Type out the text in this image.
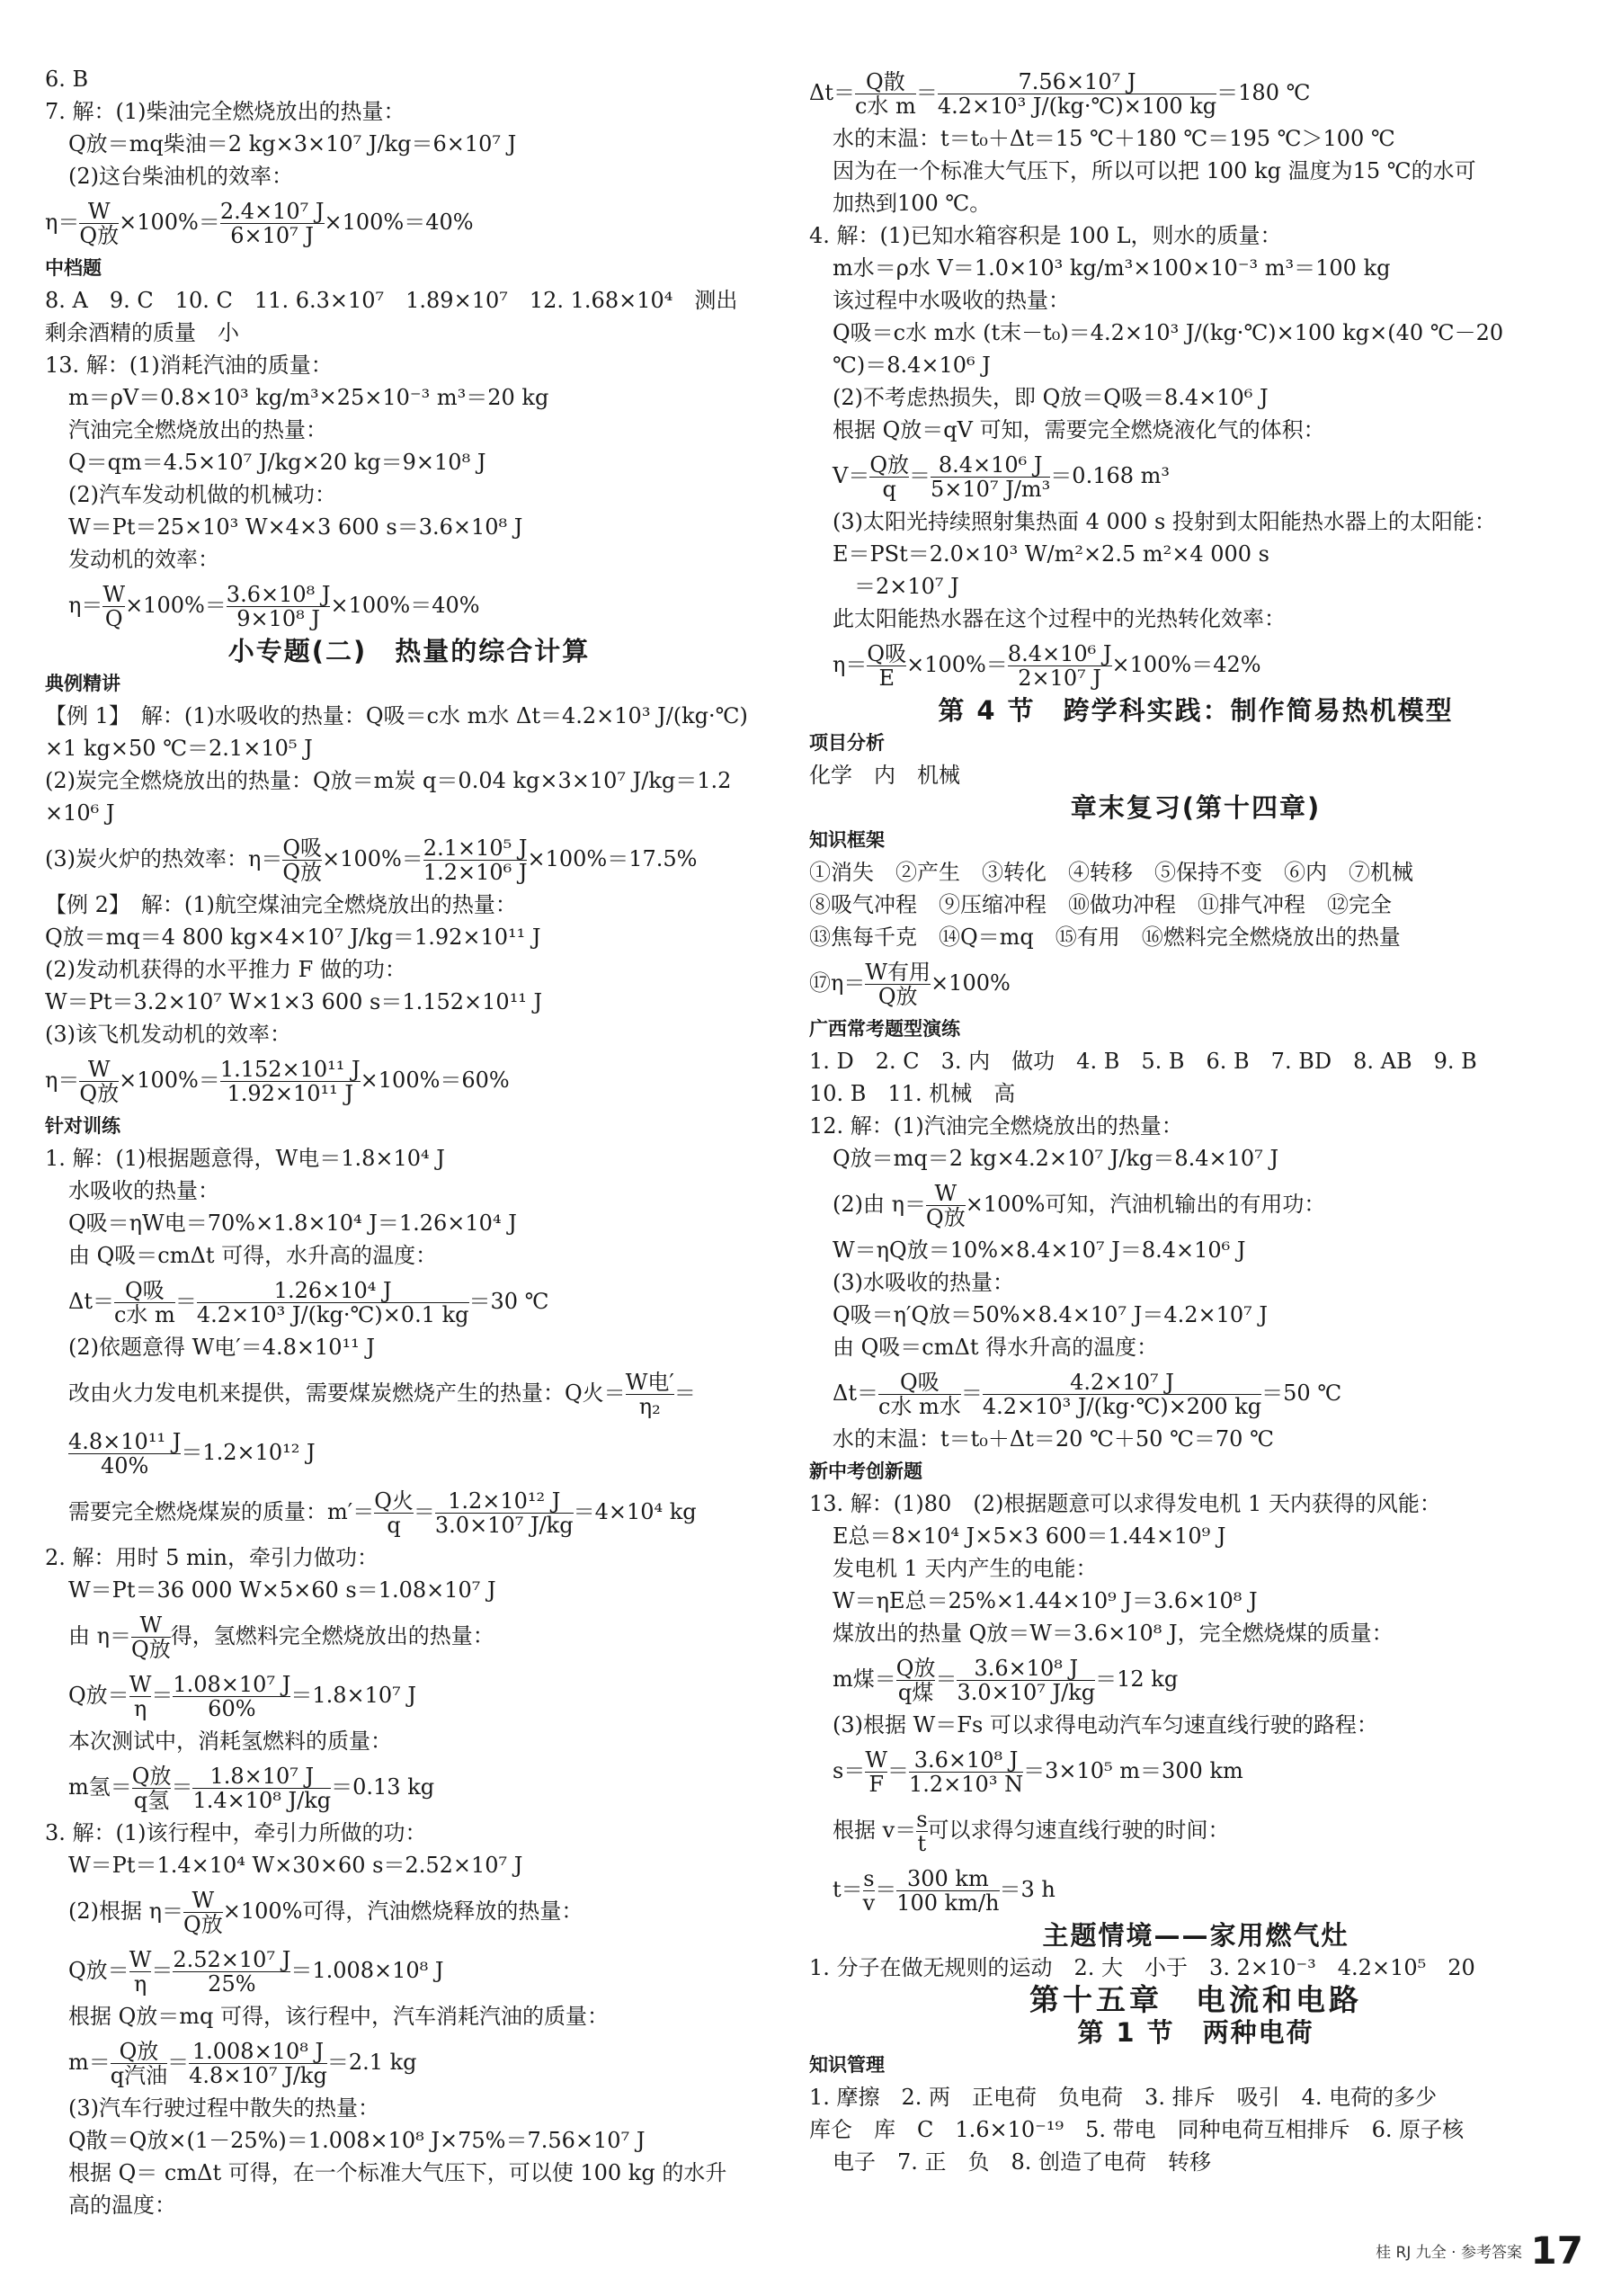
6. B
7. 解：(1)柴油完全燃烧放出的热量：
Q放＝mq柴油＝2 kg×3×10⁷ J/kg＝6×10⁷ J
(2)这台柴油机的效率：
η＝ W
Q放
$\times 100\%= \frac{\text{2.4×10⁷ J}}{\text{6×10⁷ J}} \times 100\%=40\%$
中档题
8. A　9. C　10. C　11. 6.3×10⁷　1.89×10⁷　12. 1.68×10⁴　测出
剩余酒精的质量　小
13. 解：(1)消耗汽油的质量：
m＝ρV＝0.8×10³ kg/m³×25×10⁻³ m³＝20 kg
汽油完全燃烧放出的热量：
Q＝qm＝4.5×10⁷ J/kg×20 kg＝9×10⁸ J
(2)汽车发动机做的机械功：
W＝Pt＝25×10³ W×4×3 600 s＝3.6×10⁸ J
发动机的效率：
$\eta= \frac{W}{Q} \times 100\%= \frac{\text{3.6×10⁸ J}}{\text{9×10⁸ J}} \times 100\%=40\%$
小专题(二)　热量的综合计算
典例精讲
【例 1】　解：(1)水吸收的热量：Q吸＝c水 m水 Δt＝4.2×10³ J/(kg·℃)
×1 kg×50 ℃＝2.1×10⁵ J
(2)炭完全燃烧放出的热量：Q放＝m炭 q＝0.04 kg×3×10⁷ J/kg＝1.2
×10⁶ J
(3)炭火炉的热效率：η＝ Q吸
Q放
$\times 100\%= \frac{\text{2.1×10⁵ J}}{\text{1.2×10⁶ J}} \times 100\%=17.5\%$
【例 2】　解：(1)航空煤油完全燃烧放出的热量：
Q放＝mq＝4 800 kg×4×10⁷ J/kg＝1.92×10¹¹ J
(2)发动机获得的水平推力 F 做的功：
W＝Pt＝3.2×10⁷ W×1×3 600 s＝1.152×10¹¹ J
(3)该飞机发动机的效率：
η＝ W
Q放
$\times 100\%= \frac{\text{1.152×10¹¹ J}}{\text{1.92×10¹¹ J}} \times 100\%=60\%$
针对训练
1. 解：(1)根据题意得，W电＝1.8×10⁴ J
水吸收的热量：
Q吸＝ηW电＝70%×1.8×10⁴ J＝1.26×10⁴ J
由 Q吸＝cmΔt 可得，水升高的温度：
Δt＝ Q吸
c水 m
＝ $\frac{\text{1.26×10⁴ J}}{\text{4.2×10³ J/(kg·℃)×0.1 kg}} =30$ ℃
(2)依题意得 W电′＝4.8×10¹¹ J
改由火力发电机来提供，需要煤炭燃烧产生的热量：Q火＝ W电′
η₂
＝
$\frac{\text{4.8×10¹¹ J}}{40\%} =1.2\times 10^{12}$ J
需要完全燃烧煤炭的质量：m′＝ Q火
q
＝ $\frac{\text{1.2×10¹² J}}{\text{3.0×10⁷ J/kg}} =4\times 10^4$ kg
2. 解：用时 5 min，牵引力做功：
W＝Pt＝36 000 W×5×60 s＝1.08×10⁷ J
由 η＝ W
Q放
得，氢燃料完全燃烧放出的热量：
Q放＝ $\frac{W}{\eta} = \frac{\text{1.08×10⁷ J}}{60\%} =1.8\times 10^7$ J
本次测试中，消耗氢燃料的质量：
m氢＝ Q放
q氢
＝ $\frac{\text{1.8×10⁷ J}}{\text{1.4×10⁸ J/kg}} =0.13$ kg
3. 解：(1)该行程中，牵引力所做的功：
W＝Pt＝1.4×10⁴ W×30×60 s＝2.52×10⁷ J
(2)根据 η＝ W
Q放
×100%可得，汽油燃烧释放的热量：
Q放＝ $\frac{W}{\eta} = \frac{\text{2.52×10⁷ J}}{25\%} =1.008\times 10^8$ J
根据 Q放＝mq 可得，该行程中，汽车消耗汽油的质量：
m＝ Q放
q汽油
＝ $\frac{\text{1.008×10⁸ J}}{\text{4.8×10⁷ J/kg}} =2.1$ kg
(3)汽车行驶过程中散失的热量：
Q散＝Q放×(1－25%)＝1.008×10⁸ J×75%＝7.56×10⁷ J
根据 Q＝ cmΔt 可得，在一个标准大气压下，可以使 100 kg 的水升
高的温度：
Δt＝ Q散
c水 m
＝ $\frac{\text{7.56×10⁷ J}}{\text{4.2×10³ J/(kg·℃)×100 kg}} =180$ ℃
水的末温：t＝t₀＋Δt＝15 ℃＋180 ℃＝195 ℃＞100 ℃
因为在一个标准大气压下，所以可以把 100 kg 温度为15 ℃的水可
加热到100 ℃。
4. 解：(1)已知水箱容积是 100 L，则水的质量：
m水＝ρ水 V＝1.0×10³ kg/m³×100×10⁻³ m³＝100 kg
该过程中水吸收的热量：
Q吸＝c水 m水 (t末－t₀)＝4.2×10³ J/(kg·℃)×100 kg×(40 ℃－20
℃)＝8.4×10⁶ J
(2)不考虑热损失，即 Q放＝Q吸＝8.4×10⁶ J
根据 Q放＝qV 可知，需要完全燃烧液化气的体积：
V＝ Q放
q
＝ $\frac{\text{8.4×10⁶ J}}{\text{5×10⁷ J/m³}} =0.168$ m³
(3)太阳光持续照射集热面 4 000 s 投射到太阳能热水器上的太阳能：
E＝PSt＝2.0×10³ W/m²×2.5 m²×4 000 s
＝2×10⁷ J
此太阳能热水器在这个过程中的光热转化效率：
η＝ Q吸
E
$\times 100\%= \frac{\text{8.4×10⁶ J}}{\text{2×10⁷ J}} \times 100\%=42\%$
第 4 节　跨学科实践：制作简易热机模型
项目分析
化学　内　机械
章末复习(第十四章)
知识框架
①消失　②产生　③转化　④转移　⑤保持不变　⑥内　⑦机械
⑧吸气冲程　⑨压缩冲程　⑩做功冲程　⑪排气冲程　⑫完全
⑬焦每千克　⑭Q＝mq　⑮有用　⑯燃料完全燃烧放出的热量
⑰η＝ W有用
Q放
×100%
广西常考题型演练
1. D　2. C　3. 内　做功　4. B　5. B　6. B　7. BD　8. AB　9. B
10. B　11. 机械　高
12. 解：(1)汽油完全燃烧放出的热量：
Q放＝mq＝2 kg×4.2×10⁷ J/kg＝8.4×10⁷ J
(2)由 η＝ W
Q放
×100%可知，汽油机输出的有用功：
W＝ηQ放＝10%×8.4×10⁷ J＝8.4×10⁶ J
(3)水吸收的热量：
Q吸＝η′Q放＝50%×8.4×10⁷ J＝4.2×10⁷ J
由 Q吸＝cmΔt 得水升高的温度：
Δt＝	Q吸
c水 m水
＝ $\frac{\text{4.2×10⁷ J}}{\text{4.2×10³ J/(kg·℃)×200 kg}} =50$ ℃
水的末温：t＝t₀＋Δt＝20 ℃＋50 ℃＝70 ℃
新中考创新题
13. 解：(1)80　(2)根据题意可以求得发电机 1 天内获得的风能：
E总＝8×10⁴ J×5×3 600＝1.44×10⁹ J
发电机 1 天内产生的电能：
W＝ηE总＝25%×1.44×10⁹ J＝3.6×10⁸ J
煤放出的热量 Q放＝W＝3.6×10⁸ J，完全燃烧煤的质量：
m煤＝ Q放
q煤
＝ $\frac{\text{3.6×10⁸ J}}{\text{3.0×10⁷ J/kg}} =12$ kg
(3)根据 W＝Fs 可以求得电动汽车匀速直线行驶的路程：
$s= \frac{W}{F} = \frac{\text{3.6×10⁸ J}}{\text{1.2×10³ N}} =3\times 10^5$ m＝300 km
根据 $v= \frac{s}{t}$ 可以求得匀速直线行驶的时间：
$t= \frac{s}{v} = \frac{300 km}{100 km/h} =3$ h
主题情境——家用燃气灶
1. 分子在做无规则的运动　2. 大　小于　3. 2×10⁻³　4.2×10⁵　20
第十五章　电流和电路
第 1 节　两种电荷
知识管理
1. 摩擦　2. 两　正电荷　负电荷　3. 排斥　吸引　4. 电荷的多少
库仑　库　C　1.6×10⁻¹⁹　5. 带电　同种电荷互相排斥　6. 原子核
电子　7. 正　负　8. 创造了电荷　转移
桂 RJ 九全 · 参考答案 17
